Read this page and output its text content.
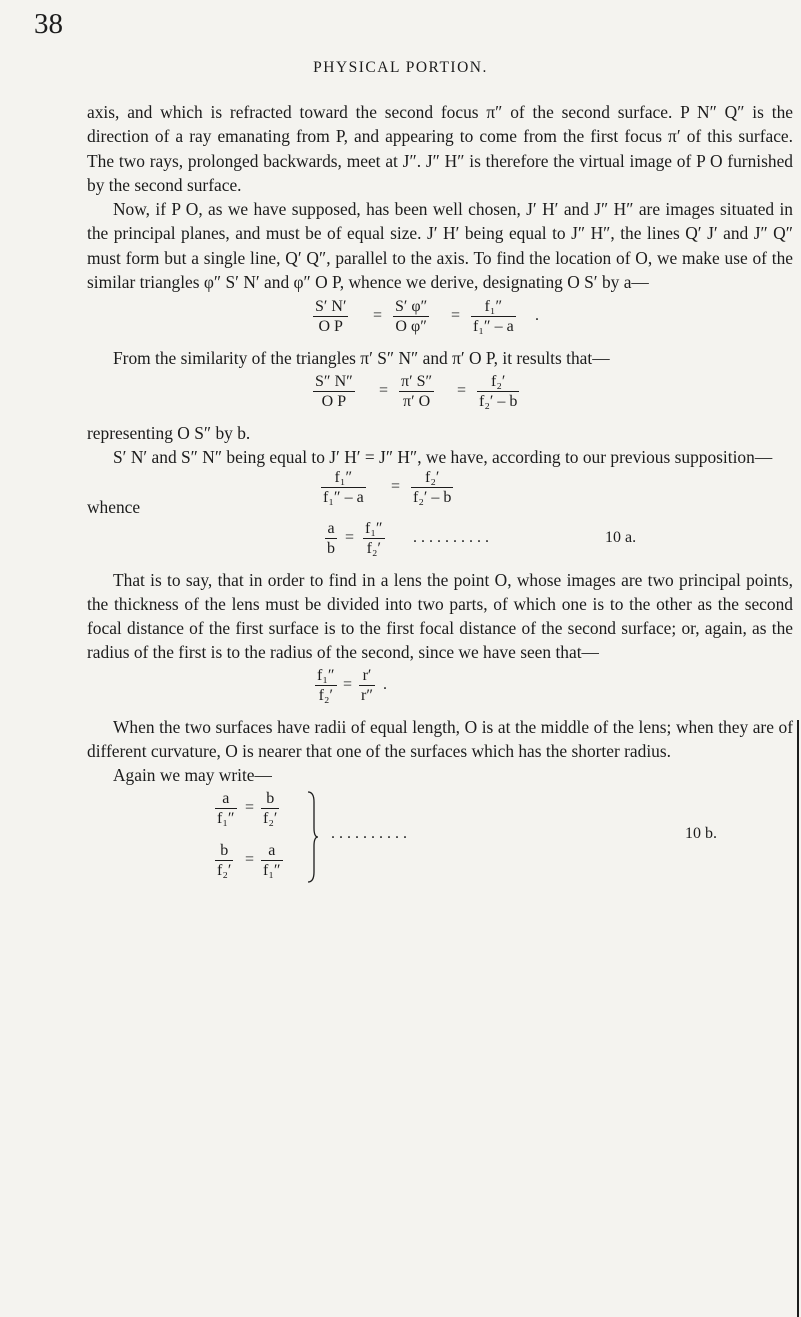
38
PHYSICAL PORTION.

axis, and which is refracted toward the second focus π″ of the second surface. P N″ Q″ is the direction of a ray emanating from P, and appearing to come from the first focus π′ of this surface. The two rays, prolonged backwards, meet at J″. J″ H″ is therefore the virtual image of P O furnished by the second surface.

Now, if P O, as we have supposed, has been well chosen, J′ H′ and J″ H″ are images situated in the principal planes, and must be of equal size. J′ H′ being equal to J″ H″, the lines Q′ J′ and J″ Q″ must form but a single line, Q′ Q″, parallel to the axis. To find the location of O, we make use of the similar triangles φ″ S′ N′ and φ″ O P, whence we derive, designating O S′ by a—

$\frac{S' N'}{\text{O P}} = \frac{S' \varphi''}{\text{O φ″}} = \frac{\text{f₁″}}{\text{f₁″ – a}}$ .

From the similarity of the triangles π′ S″ N″ and π′ O P, it results that—

$\frac{S'' N''}{\text{O P}} = \frac{\pi' S''}{\pi' O} = \frac{\text{f₂′}}{\text{f₂′ – b}}$

representing O S″ by b.

S′ N′ and S″ N″ being equal to J′ H′ = J″ H″, we have, according to our previous supposition—

$\frac{\text{f₁″}}{\text{f₁″ – a}} = \frac{\text{f₂′}}{\text{f₂′ – b}}$

whence

$\frac{a}{b} = \frac{\text{f₁″}}{\text{f₂′}}$ . . . . . . . . . .	10 a.

That is to say, that in order to find in a lens the point O, whose images are two principal points, the thickness of the lens must be divided into two parts, of which one is to the other as the second focal distance of the first surface is to the first focal distance of the second surface; or, again, as the radius of the first is to the radius of the second, since we have seen that—

$\frac{\text{f₁″}}{\text{f₂′}} = \frac{r'}{r''}$ .

When the two surfaces have radii of equal length, O is at the middle of the lens; when they are of different curvature, O is nearer that one of the surfaces which has the shorter radius.

Again we may write—

$\frac{a}{\text{f₁″}} = \frac{b}{\text{f₂′}}$
$\frac{b}{\text{f₂′}} = \frac{a}{\text{f₁″}}$
. . . . . . . . . .	10 b.
